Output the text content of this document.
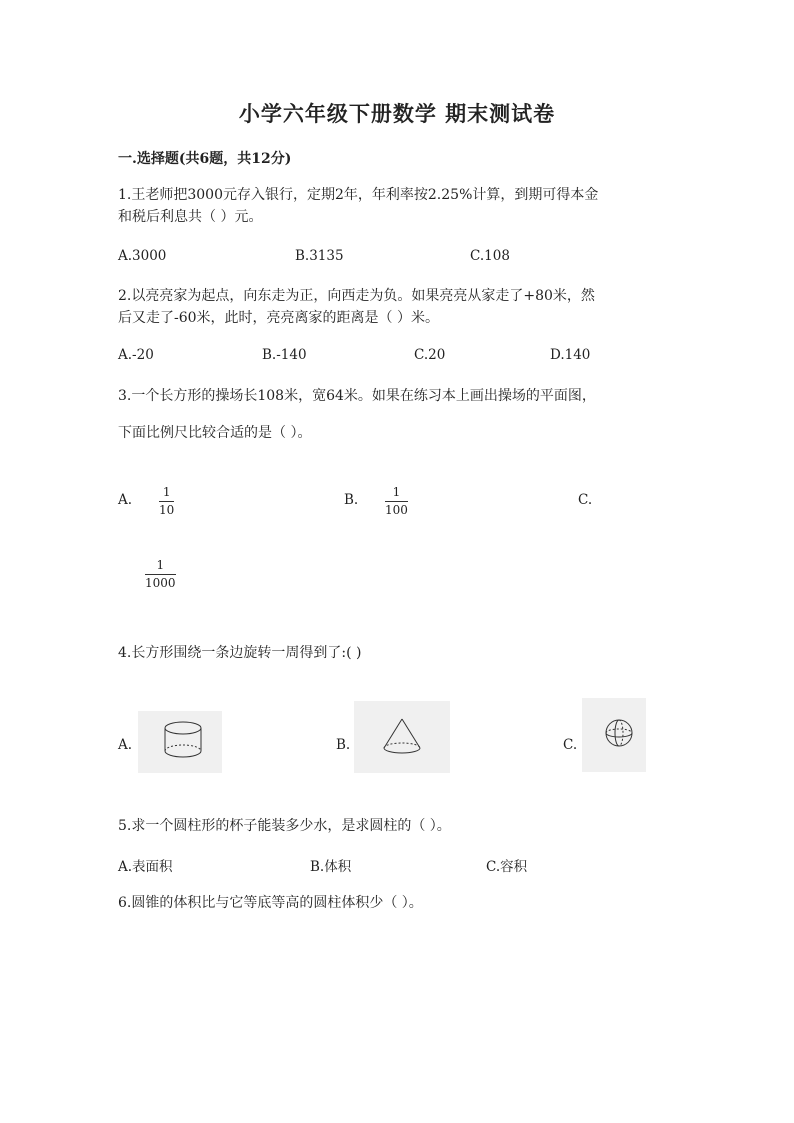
小学六年级下册数学 期末测试卷
一.选择题(共6题，共12分)
1.王老师把3000元存入银行，定期2年，年利率按2.25%计算，到期可得本金
和税后利息共（ ）元。
A.3000	B.3135	C.108
2.以亮亮家为起点，向东走为正，向西走为负。如果亮亮从家走了+80米，然
后又走了-60米，此时，亮亮离家的距离是（ ）米。
A.-20	B.-140	C.20	D.140
3.一个长方形的操场长108米，宽64米。如果在练习本上画出操场的平面图，
下面比例尺比较合适的是（ ）。
A.	1
10
B.	1
100
C.
1
1000
4.长方形围绕一条边旋转一周得到了:( )
A.	B.	C.
5.求一个圆柱形的杯子能装多少水，是求圆柱的（ ）。
A.表面积	B.体积	C.容积
6.圆锥的体积比与它等底等高的圆柱体积少（ ）。
